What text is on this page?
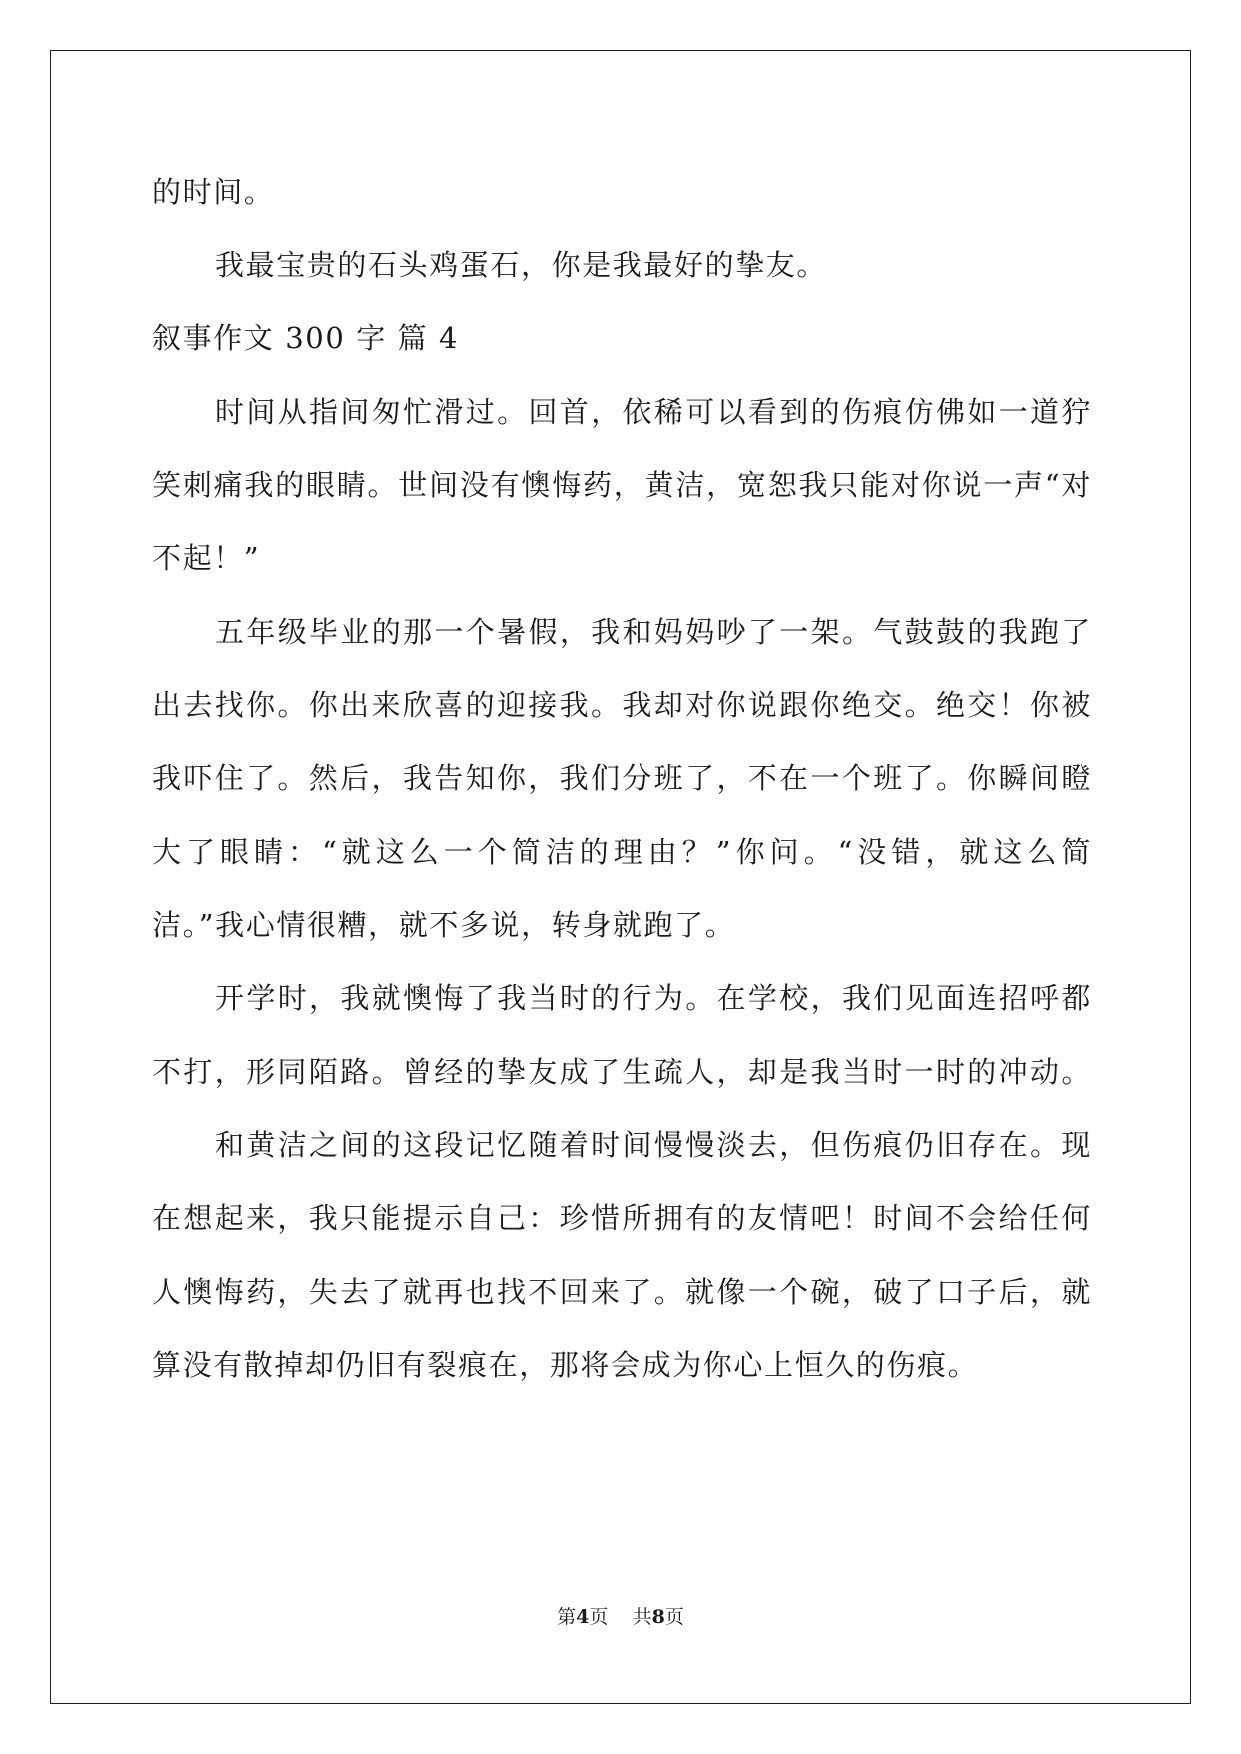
的时间。
我最宝贵的石头鸡蛋石，你是我最好的挚友。
叙事作文 300 字 篇 4
时间从指间匆忙滑过。回首，依稀可以看到的伤痕仿佛如一道狞
笑刺痛我的眼睛。世间没有懊悔药，黄洁，宽恕我只能对你说一声“对
不起！”
五年级毕业的那一个暑假，我和妈妈吵了一架。气鼓鼓的我跑了
出去找你。你出来欣喜的迎接我。我却对你说跟你绝交。绝交！你被
我吓住了。然后，我告知你，我们分班了，不在一个班了。你瞬间瞪
大了眼睛：“就这么一个简洁的理由？”你问。“没错，就这么简
洁。”我心情很糟，就不多说，转身就跑了。
开学时，我就懊悔了我当时的行为。在学校，我们见面连招呼都
不打，形同陌路。曾经的挚友成了生疏人，却是我当时一时的冲动。
和黄洁之间的这段记忆随着时间慢慢淡去，但伤痕仍旧存在。现
在想起来，我只能提示自己：珍惜所拥有的友情吧！时间不会给任何
人懊悔药，失去了就再也找不回来了。就像一个碗，破了口子后，就
算没有散掉却仍旧有裂痕在，那将会成为你心上恒久的伤痕。
第4页 共8页
